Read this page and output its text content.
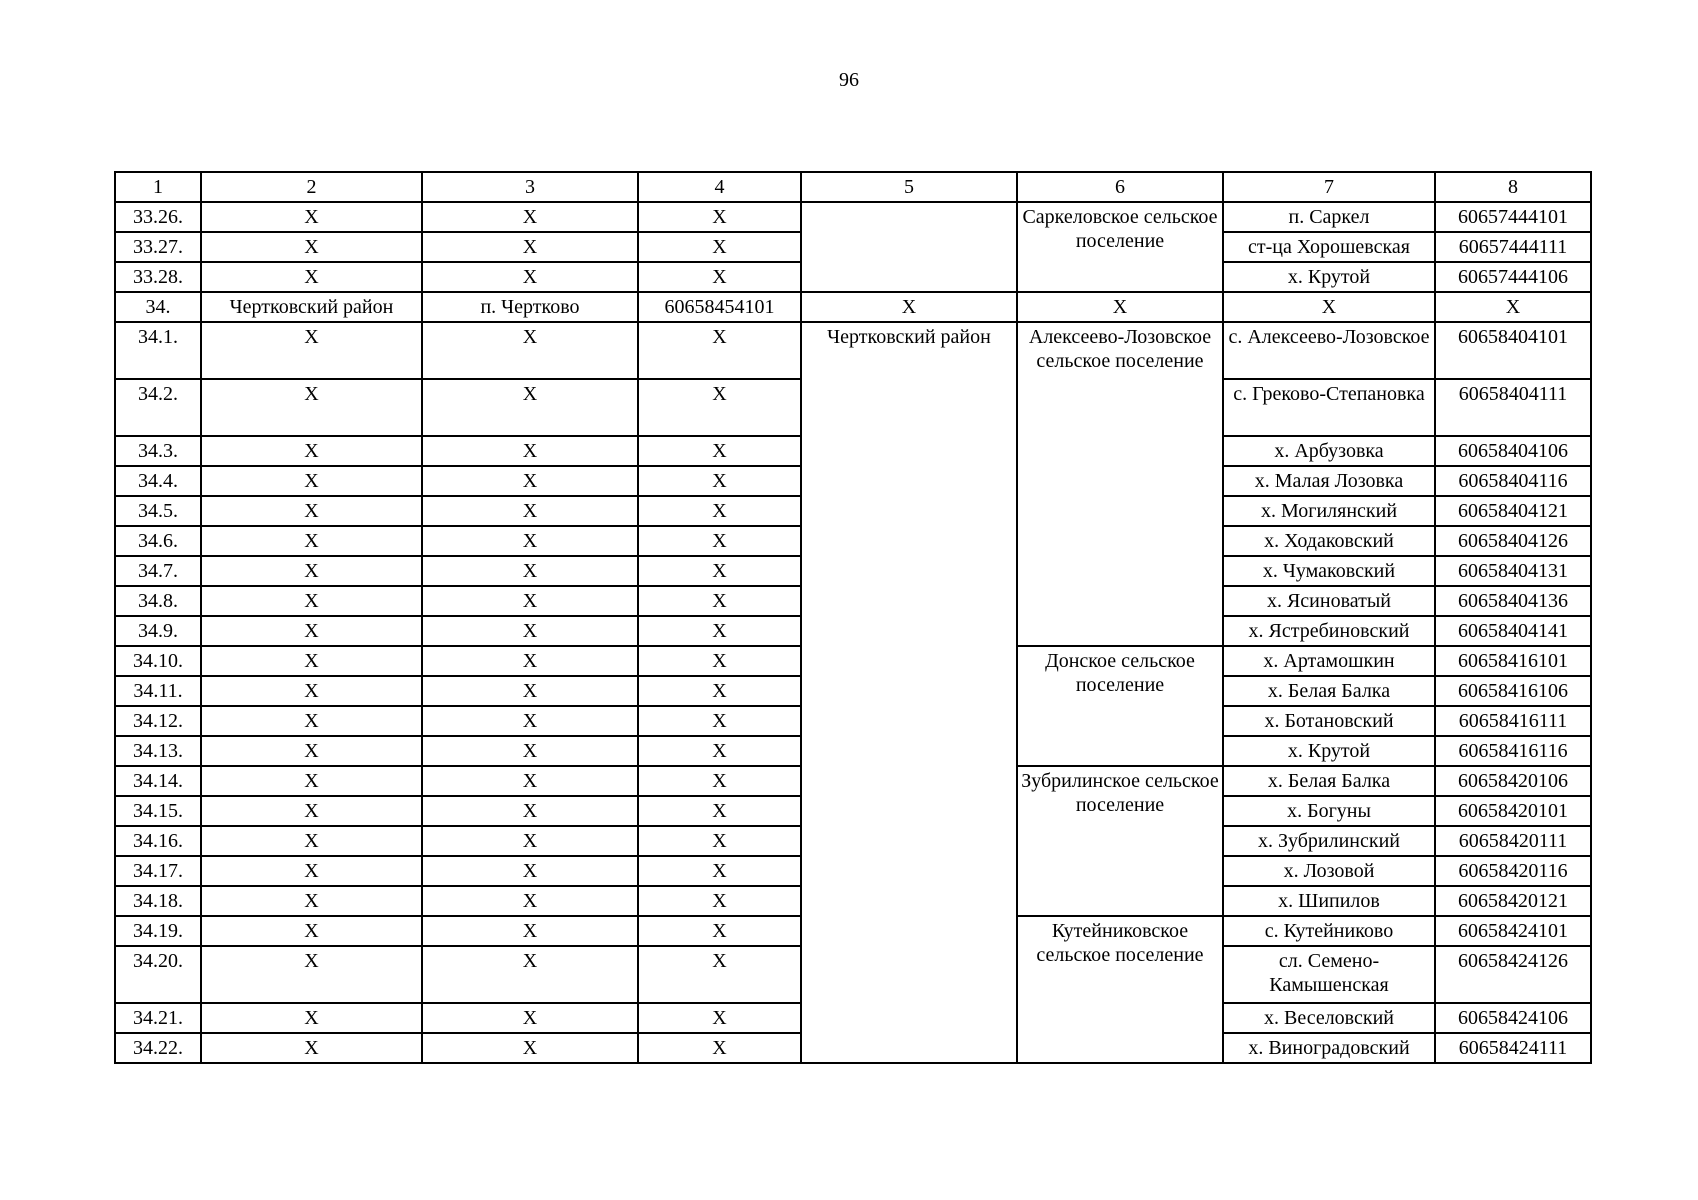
96
1	2	3	4	5	6	7	8
33.26.	Х	Х	Х		Саркеловское сельское поселение	п. Саркел	60657444101
33.27.	Х	Х	Х			ст-ца Хорошевская	60657444111
33.28.	Х	Х	Х			х. Крутой	60657444106
34.	Чертковский район	п. Чертково	60658454101	Х	Х	Х	Х
34.1.	Х	Х	Х	Чертковский район	Алексеево-Лозовское сельское поселение	с. Алексеево-Лозовское	60658404101
34.2.	Х	Х	Х			с. Греково-Степановка	60658404111
34.3.	Х	Х	Х			х. Арбузовка	60658404106
34.4.	Х	Х	Х			х. Малая Лозовка	60658404116
34.5.	Х	Х	Х			х. Могилянский	60658404121
34.6.	Х	Х	Х			х. Ходаковский	60658404126
34.7.	Х	Х	Х			х. Чумаковский	60658404131
34.8.	Х	Х	Х			х. Ясиноватый	60658404136
34.9.	Х	Х	Х			х. Ястребиновский	60658404141
34.10.	Х	Х	Х		Донское сельское поселение	х. Артамошкин	60658416101
34.11.	Х	Х	Х			х. Белая Балка	60658416106
34.12.	Х	Х	Х			х. Ботановский	60658416111
34.13.	Х	Х	Х			х. Крутой	60658416116
34.14.	Х	Х	Х		Зубрилинское сельское поселение	х. Белая Балка	60658420106
34.15.	Х	Х	Х			х. Богуны	60658420101
34.16.	Х	Х	Х			х. Зубрилинский	60658420111
34.17.	Х	Х	Х			х. Лозовой	60658420116
34.18.	Х	Х	Х			х. Шипилов	60658420121
34.19.	Х	Х	Х		Кутейниковское сельское поселение	с. Кутейниково	60658424101
34.20.	Х	Х	Х			сл. Семено-Камышенская	60658424126
34.21.	Х	Х	Х			х. Веселовский	60658424106
34.22.	Х	Х	Х			х. Виноградовский	60658424111
